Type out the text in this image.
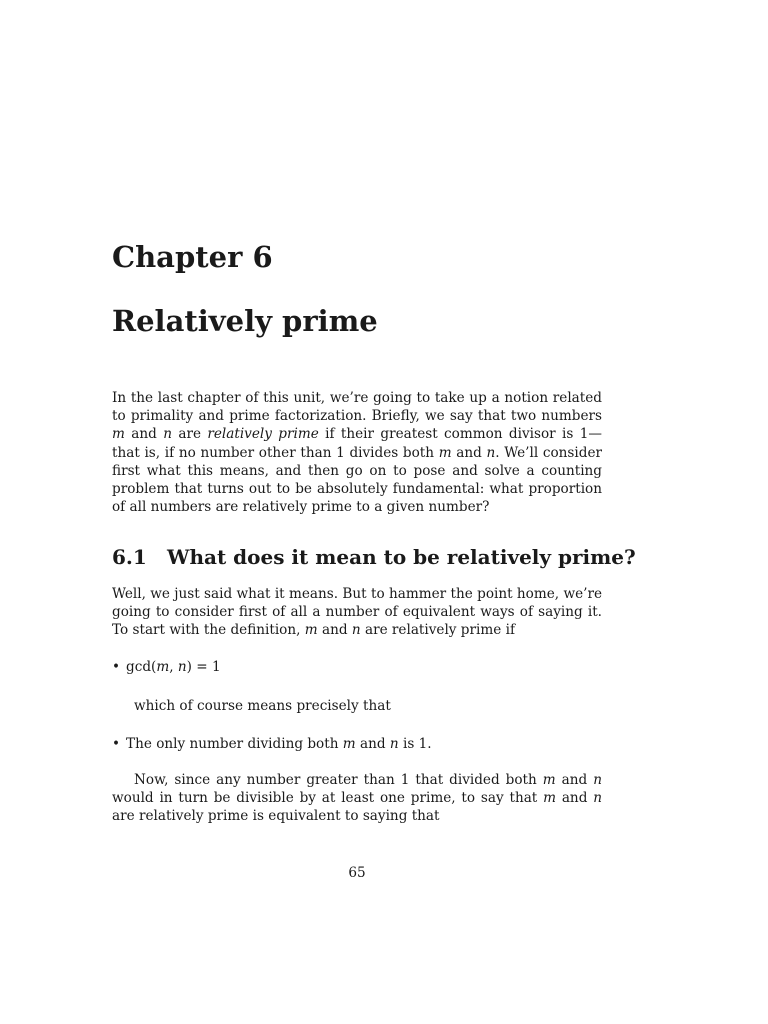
Chapter 6
Relatively prime

In the last chapter of this unit, we’re going to take up a notion related to primality and prime factorization. Briefly, we say that two numbers m and n are relatively prime if their greatest common divisor is 1—that is, if no number other than 1 divides both m and n. We’ll consider first what this means, and then go on to pose and solve a counting problem that turns out to be absolutely fundamental: what proportion of all numbers are relatively prime to a given number?

6.1 What does it mean to be relatively prime?

Well, we just said what it means. But to hammer the point home, we’re going to consider first of all a number of equivalent ways of saying it. To start with the definition, m and n are relatively prime if

• gcd(m, n) = 1
which of course means precisely that
• The only number dividing both m and n is 1.

Now, since any number greater than 1 that divided both m and n would in turn be divisible by at least one prime, to say that m and n are relatively prime is equivalent to saying that

65
